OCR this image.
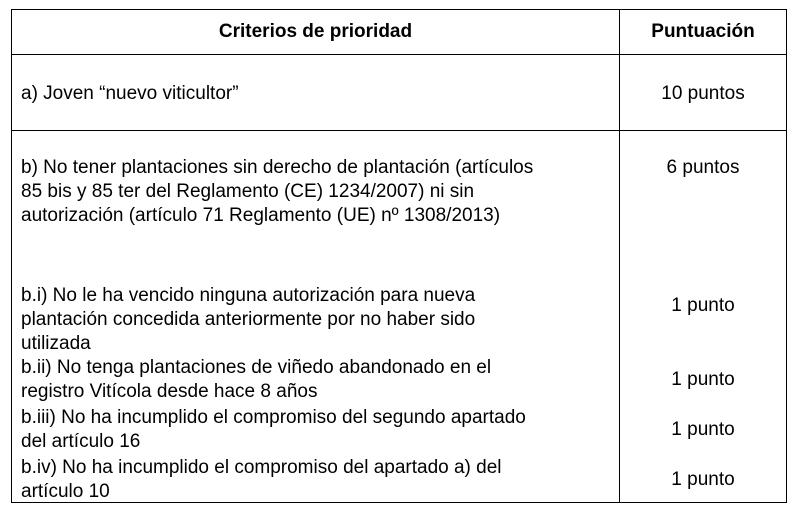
Criterios de prioridad	Puntuación
a) Joven “nuevo viticultor”	10 puntos
b) No tener plantaciones sin derecho de plantación (artículos
85 bis y 85 ter del Reglamento (CE) 1234/2007) ni sin
autorización (artículo 71 Reglamento (UE) nº 1308/2013)
6 puntos
b.i) No le ha vencido ninguna autorización para nueva
plantación concedida anteriormente por no haber sido
utilizada
1 punto
b.ii) No tenga plantaciones de viñedo abandonado en el
registro Vitícola desde hace 8 años
1 punto
b.iii) No ha incumplido el compromiso del segundo apartado
del artículo 16
1 punto
b.iv) No ha incumplido el compromiso del apartado a) del
artículo 10
1 punto
